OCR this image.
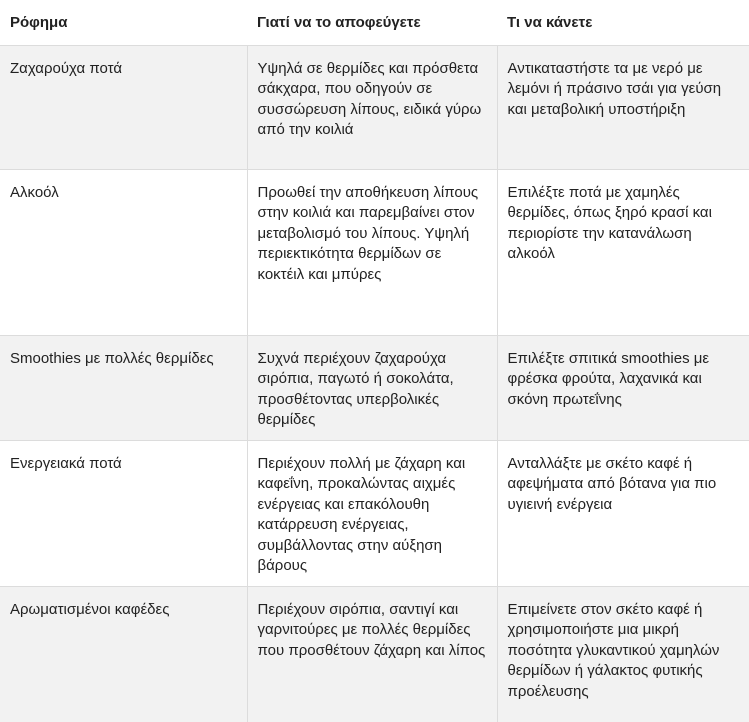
Ρόφημα	Γιατί να το αποφεύγετε	Τι να κάνετε
Ζαχαρούχα ποτά	Υψηλά σε θερμίδες και πρόσθετα σάκχαρα, που οδηγούν σε συσσώρευση λίπους, ειδικά γύρω από την κοιλιά	Αντικαταστήστε τα με νερό με λεμόνι ή πράσινο τσάι για γεύση και μεταβολική υποστήριξη
Αλκοόλ	Προωθεί την αποθήκευση λίπους στην κοιλιά και παρεμβαίνει στον μεταβολισμό του λίπους. Υψηλή περιεκτικότητα θερμίδων σε κοκτέιλ και μπύρες	Επιλέξτε ποτά με χαμηλές θερμίδες, όπως ξηρό κρασί και περιορίστε την κατανάλωση αλκοόλ
Smoothies με πολλές θερμίδες	Συχνά περιέχουν ζαχαρούχα σιρόπια, παγωτό ή σοκολάτα, προσθέτοντας υπερβολικές θερμίδες	Επιλέξτε σπιτικά smoothies με φρέσκα φρούτα, λαχανικά και σκόνη πρωτεΐνης
Ενεργειακά ποτά	Περιέχουν πολλή με ζάχαρη και καφεΐνη, προκαλώντας αιχμές ενέργειας και επακόλουθη κατάρρευση ενέργειας, συμβάλλοντας στην αύξηση βάρους	Ανταλλάξτε με σκέτο καφέ ή αφεψήματα από βότανα για πιο υγιεινή ενέργεια
Αρωματισμένοι καφέδες	Περιέχουν σιρόπια, σαντιγί και γαρνιτούρες με πολλές θερμίδες που προσθέτουν ζάχαρη και λίπος	Επιμείνετε στον σκέτο καφέ ή χρησιμοποιήστε μια μικρή ποσότητα γλυκαντικού χαμηλών θερμίδων ή γάλακτος φυτικής προέλευσης
